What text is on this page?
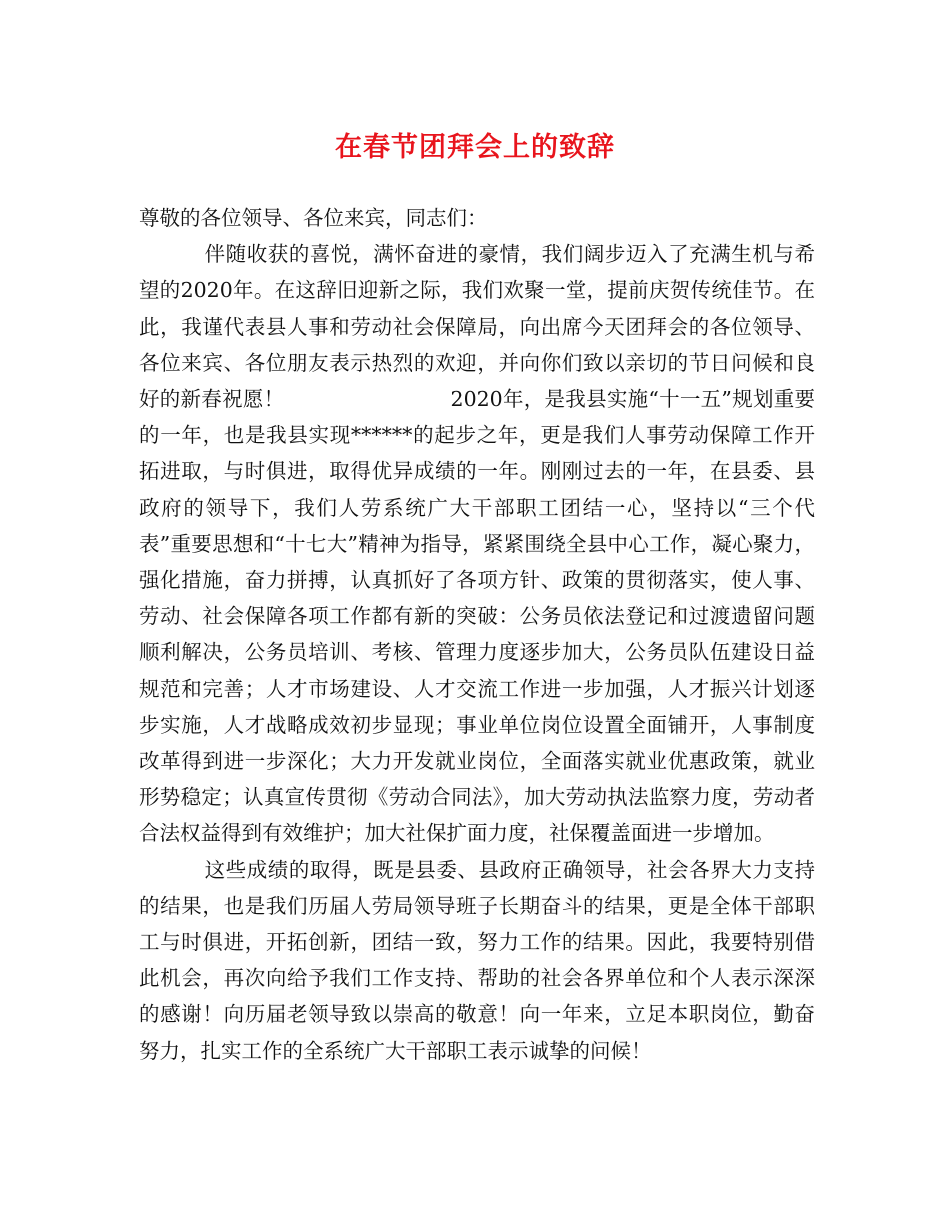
在春节团拜会上的致辞

尊敬的各位领导、各位来宾，同志们：

伴随收获的喜悦，满怀奋进的豪情，我们阔步迈入了充满生机与希望的2020年。在这辞旧迎新之际，我们欢聚一堂，提前庆贺传统佳节。在此，我谨代表县人事和劳动社会保障局，向出席今天团拜会的各位领导、各位来宾、各位朋友表示热烈的欢迎，并向你们致以亲切的节日问候和良好的新春祝愿！　　　　　　　　2020年，是我县实施“十一五”规划重要的一年，也是我县实现******的起步之年，更是我们人事劳动保障工作开拓进取，与时俱进，取得优异成绩的一年。刚刚过去的一年，在县委、县政府的领导下，我们人劳系统广大干部职工团结一心，坚持以“三个代表”重要思想和“十七大”精神为指导，紧紧围绕全县中心工作，凝心聚力，强化措施，奋力拼搏，认真抓好了各项方针、政策的贯彻落实，使人事、劳动、社会保障各项工作都有新的突破：公务员依法登记和过渡遗留问题顺利解决，公务员培训、考核、管理力度逐步加大，公务员队伍建设日益规范和完善；人才市场建设、人才交流工作进一步加强，人才振兴计划逐步实施，人才战略成效初步显现；事业单位岗位设置全面铺开，人事制度改革得到进一步深化；大力开发就业岗位，全面落实就业优惠政策，就业形势稳定；认真宣传贯彻《劳动合同法》，加大劳动执法监察力度，劳动者合法权益得到有效维护；加大社保扩面力度，社保覆盖面进一步增加。

这些成绩的取得，既是县委、县政府正确领导，社会各界大力支持的结果，也是我们历届人劳局领导班子长期奋斗的结果，更是全体干部职工与时俱进，开拓创新，团结一致，努力工作的结果。因此，我要特别借此机会，再次向给予我们工作支持、帮助的社会各界单位和个人表示深深的感谢！向历届老领导致以崇高的敬意！向一年来，立足本职岗位，勤奋努力，扎实工作的全系统广大干部职工表示诚挚的问候！
